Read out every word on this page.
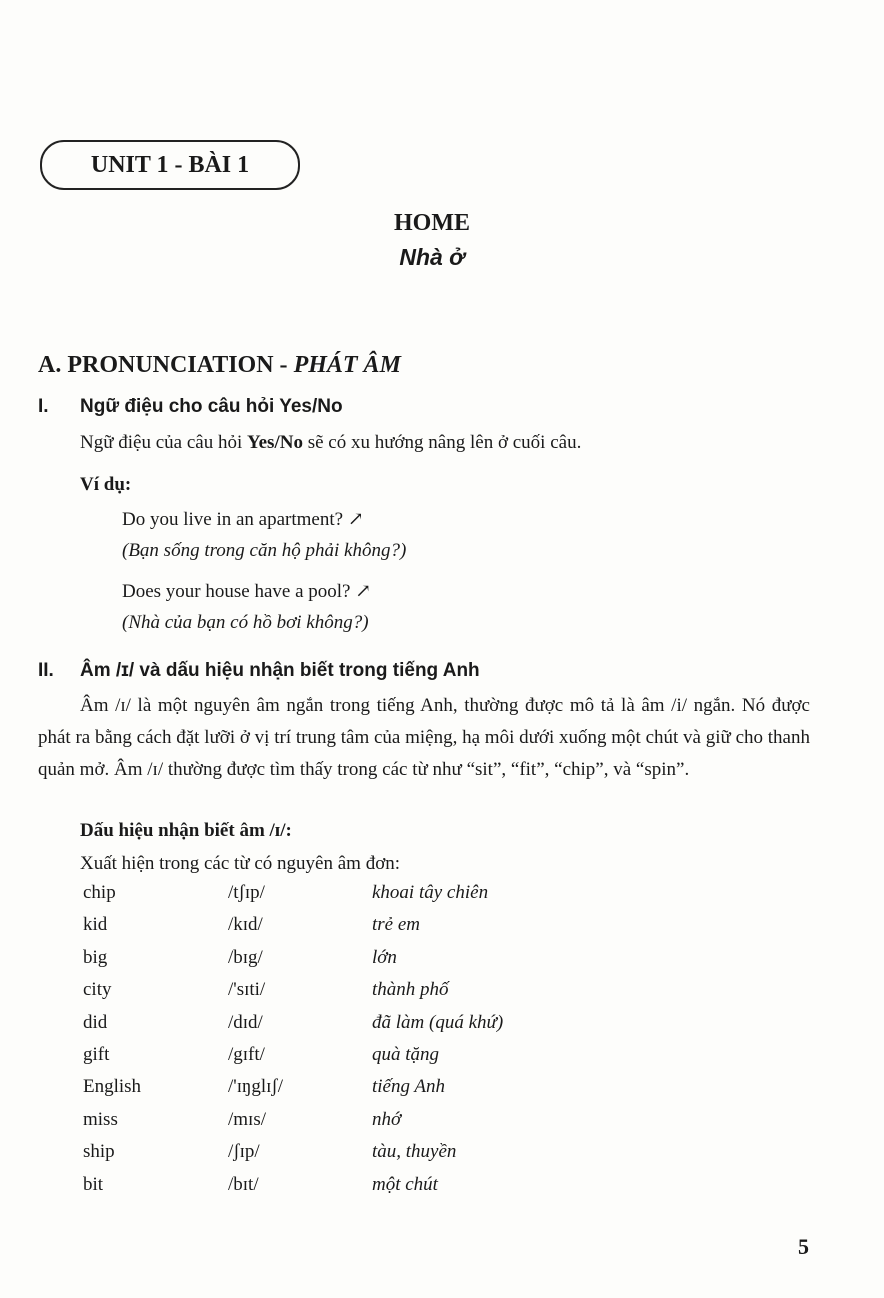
UNIT 1 - BÀI 1
HOME
Nhà ở
A. PRONUNCIATION - PHÁT ÂM
I. Ngữ điệu cho câu hỏi Yes/No
Ngữ điệu của câu hỏi Yes/No sẽ có xu hướng nâng lên ở cuối câu.
Ví dụ:
Do you live in an apartment? ↗
(Bạn sống trong căn hộ phải không?)
Does your house have a pool? ↗
(Nhà của bạn có hồ bơi không?)
II. Âm /ɪ/ và dấu hiệu nhận biết trong tiếng Anh
Âm /ɪ/ là một nguyên âm ngắn trong tiếng Anh, thường được mô tả là âm /i/ ngắn. Nó được phát ra bằng cách đặt lưỡi ở vị trí trung tâm của miệng, hạ môi dưới xuống một chút và giữ cho thanh quản mở. Âm /ɪ/ thường được tìm thấy trong các từ như “sit”, “fit”, “chip”, và “spin”.
Dấu hiệu nhận biết âm /ɪ/:
Xuất hiện trong các từ có nguyên âm đơn:
chip	/tʃɪp/	khoai tây chiên
kid	/kɪd/	trẻ em
big	/bɪg/	lớn
city	/'sɪti/	thành phố
did	/dɪd/	đã làm (quá khứ)
gift	/gɪft/	quà tặng
English	/'ɪŋglɪʃ/	tiếng Anh
miss	/mɪs/	nhớ
ship	/ʃɪp/	tàu, thuyền
bit	/bɪt/	một chút
5
